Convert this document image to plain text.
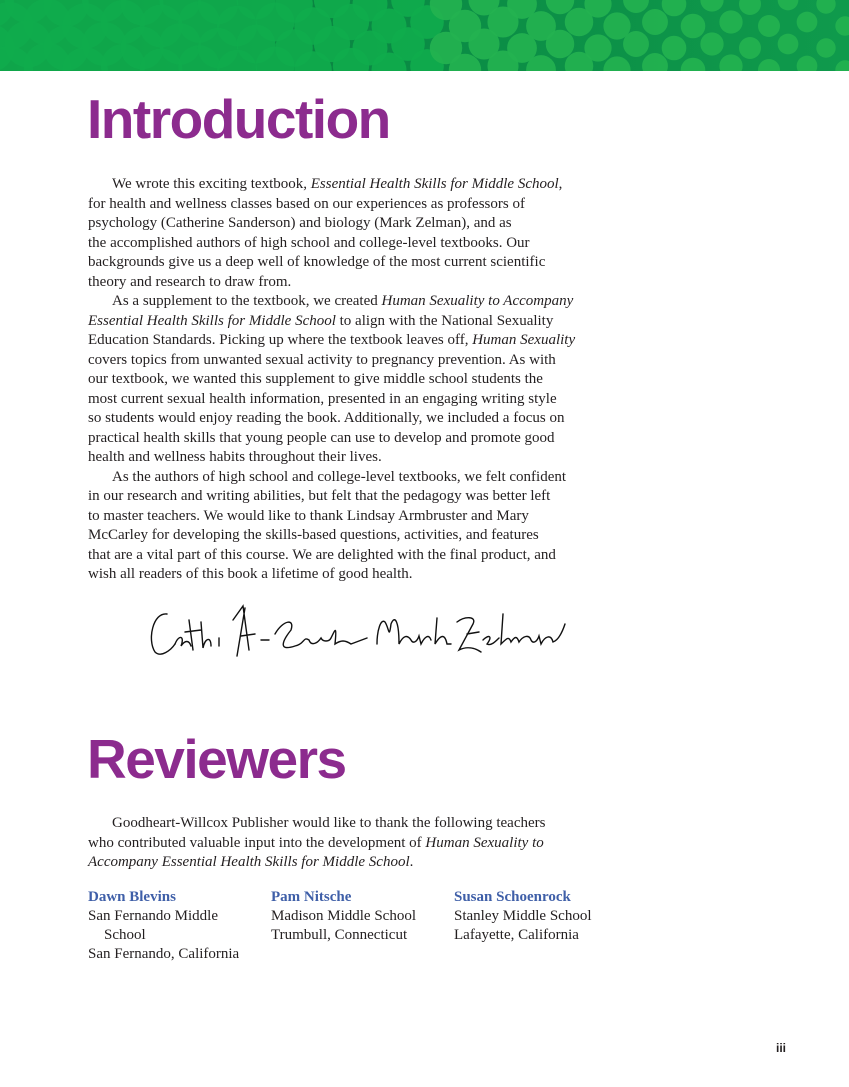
Introduction
We wrote this exciting textbook, Essential Health Skills for Middle School,
for health and wellness classes based on our experiences as professors of
psychology (Catherine Sanderson) and biology (Mark Zelman), and as
the accomplished authors of high school and college-level textbooks. Our
backgrounds give us a deep well of knowledge of the most current scientific
theory and research to draw from.
As a supplement to the textbook, we created Human Sexuality to Accompany
Essential Health Skills for Middle School to align with the National Sexuality
Education Standards. Picking up where the textbook leaves off, Human Sexuality
covers topics from unwanted sexual activity to pregnancy prevention. As with
our textbook, we wanted this supplement to give middle school students the
most current sexual health information, presented in an engaging writing style
so students would enjoy reading the book. Additionally, we included a focus on
practical health skills that young people can use to develop and promote good
health and wellness habits throughout their lives.
As the authors of high school and college-level textbooks, we felt confident
in our research and writing abilities, but felt that the pedagogy was better left
to master teachers. We would like to thank Lindsay Armbruster and Mary
McCarley for developing the skills-based questions, activities, and features
that are a vital part of this course. We are delighted with the final product, and
wish all readers of this book a lifetime of good health.
Reviewers
Goodheart-Willcox Publisher would like to thank the following teachers
who contributed valuable input into the development of Human Sexuality to
Accompany Essential Health Skills for Middle School.
Dawn Blevins
San Fernando Middle
School
San Fernando, California
Pam Nitsche
Madison Middle School
Trumbull, Connecticut
Susan Schoenrock
Stanley Middle School
Lafayette, California
iii
